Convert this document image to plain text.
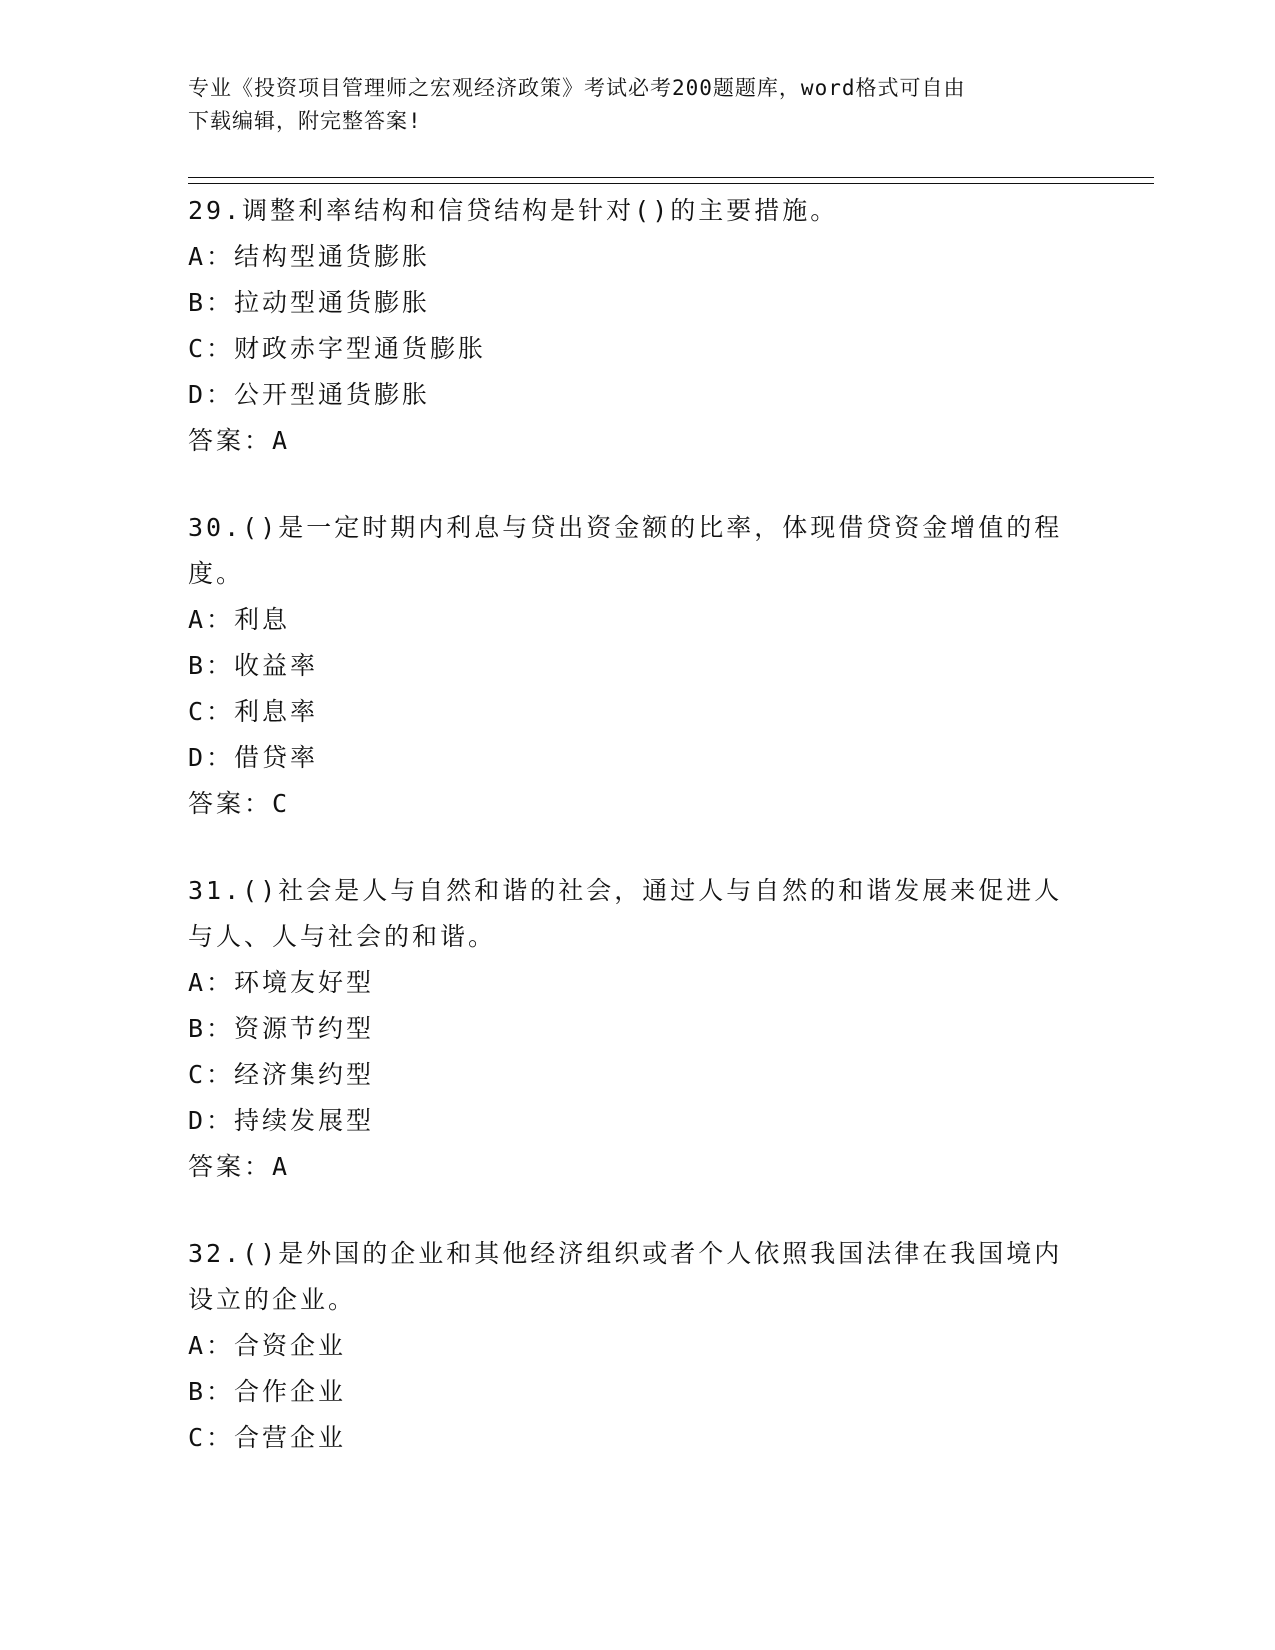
专业《投资项目管理师之宏观经济政策》考试必考200题题库，word格式可自由
下载编辑，附完整答案!
29.调整利率结构和信贷结构是针对()的主要措施。
A：结构型通货膨胀
B：拉动型通货膨胀
C：财政赤字型通货膨胀
D：公开型通货膨胀
答案：A
30.()是一定时期内利息与贷出资金额的比率，体现借贷资金增值的程度。
A：利息
B：收益率
C：利息率
D：借贷率
答案：C
31.()社会是人与自然和谐的社会，通过人与自然的和谐发展来促进人与人、人与社会的和谐。
A：环境友好型
B：资源节约型
C：经济集约型
D：持续发展型
答案：A
32.()是外国的企业和其他经济组织或者个人依照我国法律在我国境内设立的企业。
A：合资企业
B：合作企业
C：合营企业
